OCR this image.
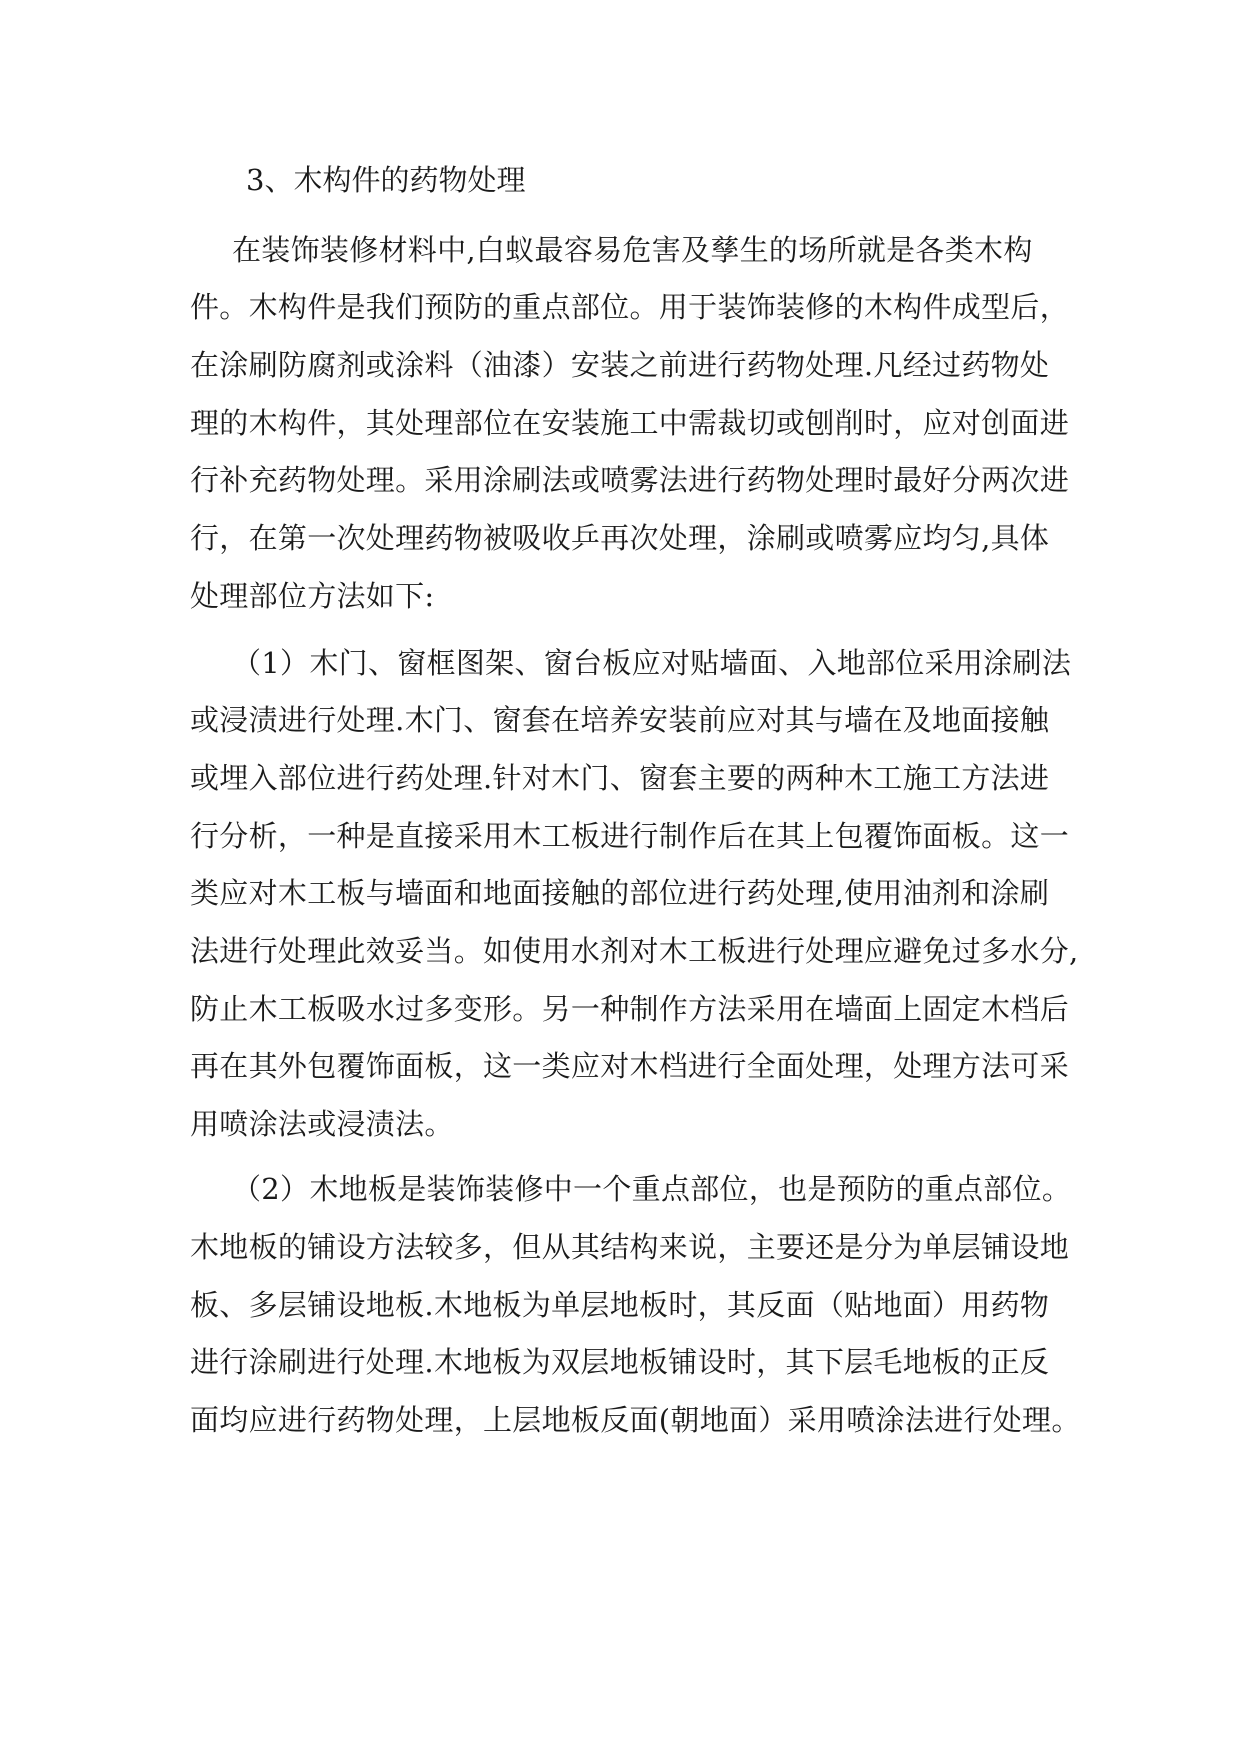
3、木构件的药物处理
在装饰装修材料中,白蚁最容易危害及孳生的场所就是各类木构
件。木构件是我们预防的重点部位。用于装饰装修的木构件成型后，
在涂刷防腐剂或涂料（油漆）安装之前进行药物处理.凡经过药物处
理的木构件，其处理部位在安装施工中需裁切或刨削时，应对创面进
行补充药物处理。采用涂刷法或喷雾法进行药物处理时最好分两次进
行，在第一次处理药物被吸收乒再次处理，涂刷或喷雾应均匀,具体
处理部位方法如下:
（1）木门、窗框图架、窗台板应对贴墙面、入地部位采用涂刷法
或浸渍进行处理.木门、窗套在培养安装前应对其与墙在及地面接触
或埋入部位进行药处理.针对木门、窗套主要的两种木工施工方法进
行分析，一种是直接采用木工板进行制作后在其上包覆饰面板。这一
类应对木工板与墙面和地面接触的部位进行药处理,使用油剂和涂刷
法进行处理此效妥当。如使用水剂对木工板进行处理应避免过多水分,
防止木工板吸水过多变形。另一种制作方法采用在墙面上固定木档后
再在其外包覆饰面板，这一类应对木档进行全面处理，处理方法可采
用喷涂法或浸渍法。
（2）木地板是装饰装修中一个重点部位，也是预防的重点部位。
木地板的铺设方法较多，但从其结构来说，主要还是分为单层铺设地
板、多层铺设地板.木地板为单层地板时，其反面（贴地面）用药物
进行涂刷进行处理.木地板为双层地板铺设时，其下层毛地板的正反
面均应进行药物处理，上层地板反面(朝地面）采用喷涂法进行处理。
